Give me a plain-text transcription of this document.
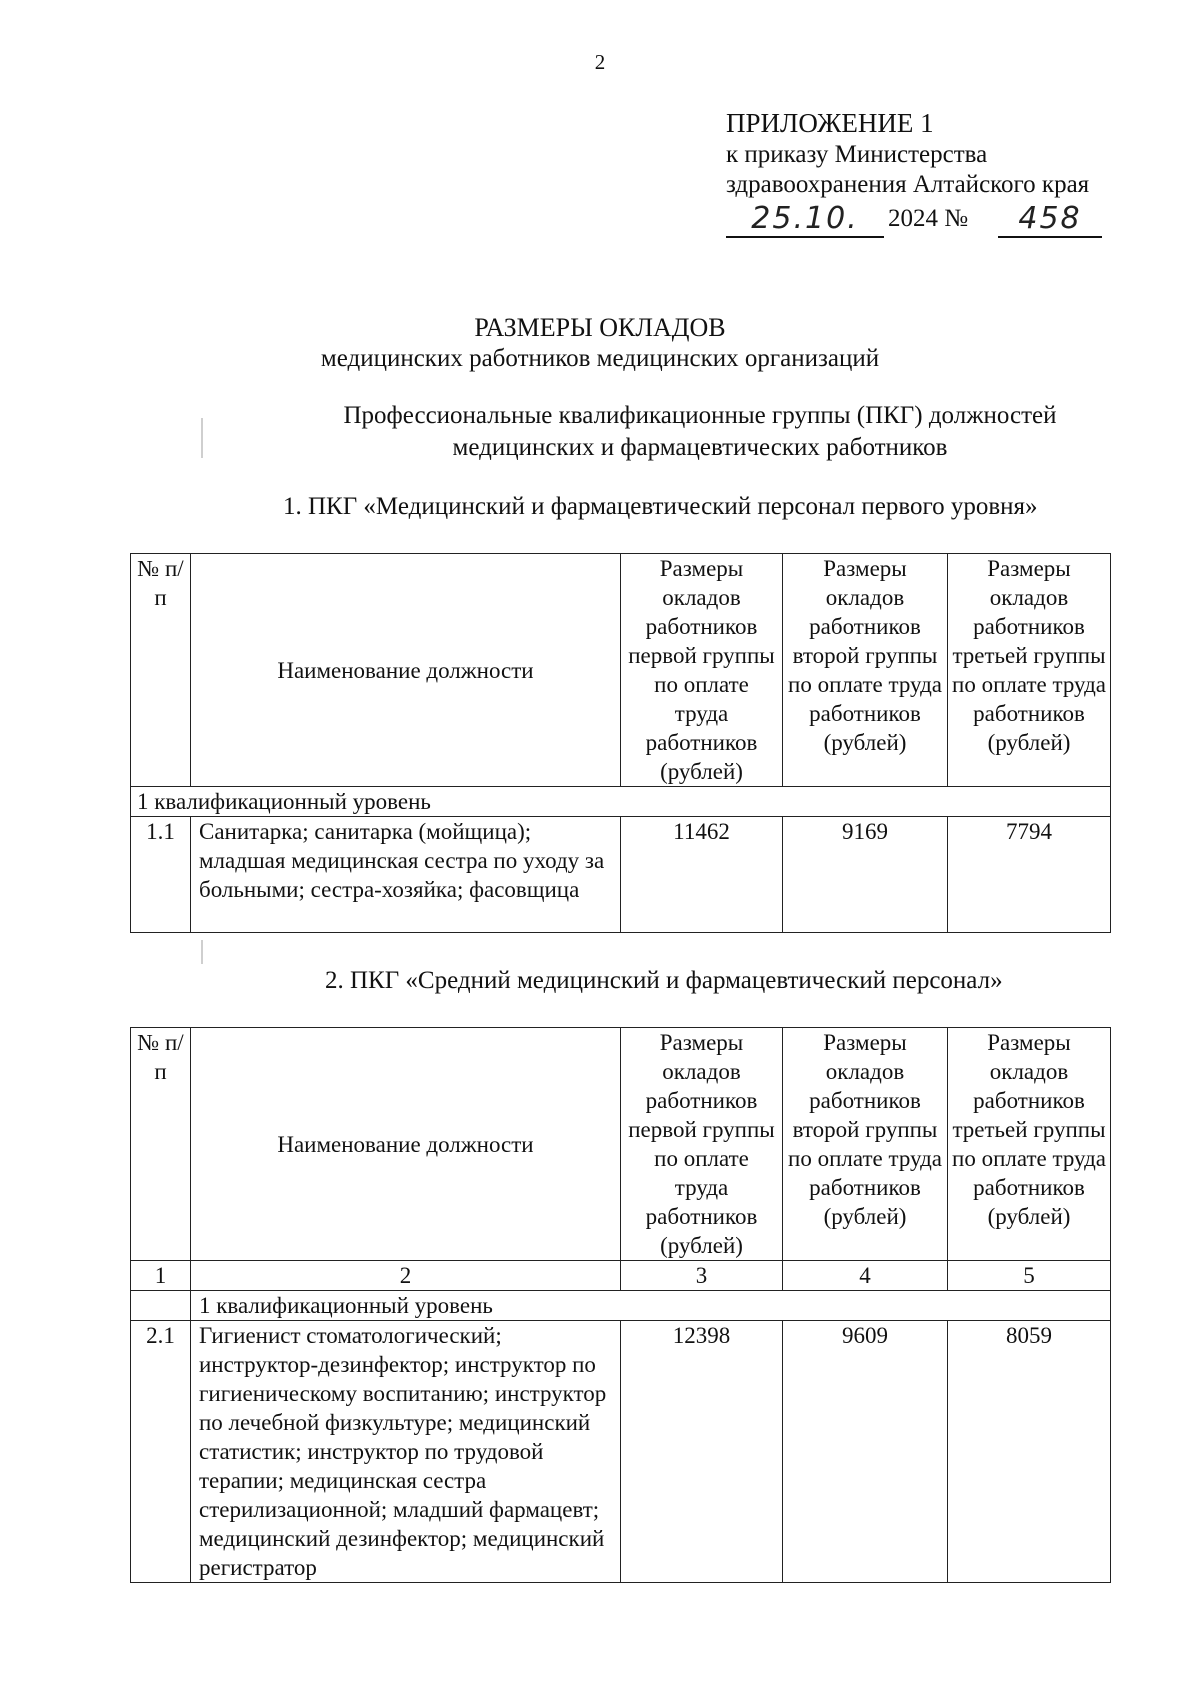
2
ПРИЛОЖЕНИЕ 1
к приказу Министерства
здравоохранения Алтайского края
25.10.	2024 №	458
РАЗМЕРЫ ОКЛАДОВ
медицинских работников медицинских организаций
Профессиональные квалификационные группы (ПКГ) должностей
медицинских и фармацевтических работников
1. ПКГ «Медицинский и фармацевтический персонал первого уровня»
№ п/п	Наименование должности	Размеры окладов работников первой группы по оплате труда работников (рублей)	Размеры окладов работников второй группы по оплате труда работников (рублей)	Размеры окладов работников третьей группы по оплате труда работников (рублей)
1 квалификационный уровень				
1.1	Санитарка; санитарка (мойщица); младшая медицинская сестра по уходу за больными; сестра-хозяйка; фасовщица	11462	9169	7794
2. ПКГ «Средний медицинский и фармацевтический персонал»
№ п/п	Наименование должности	Размеры окладов работников первой группы по оплате труда работников (рублей)	Размеры окладов работников второй группы по оплате труда работников (рублей)	Размеры окладов работников третьей группы по оплате труда работников (рублей)
1	2	3	4	5
	1 квалификационный уровень			
2.1	Гигиенист стоматологический; инструктор-дезинфектор; инструктор по гигиеническому воспитанию; инструктор по лечебной физкультуре; медицинский статистик; инструктор по трудовой терапии; медицинская сестра стерилизационной; младший фармацевт; медицинский дезинфектор; медицинский регистратор	12398	9609	8059
